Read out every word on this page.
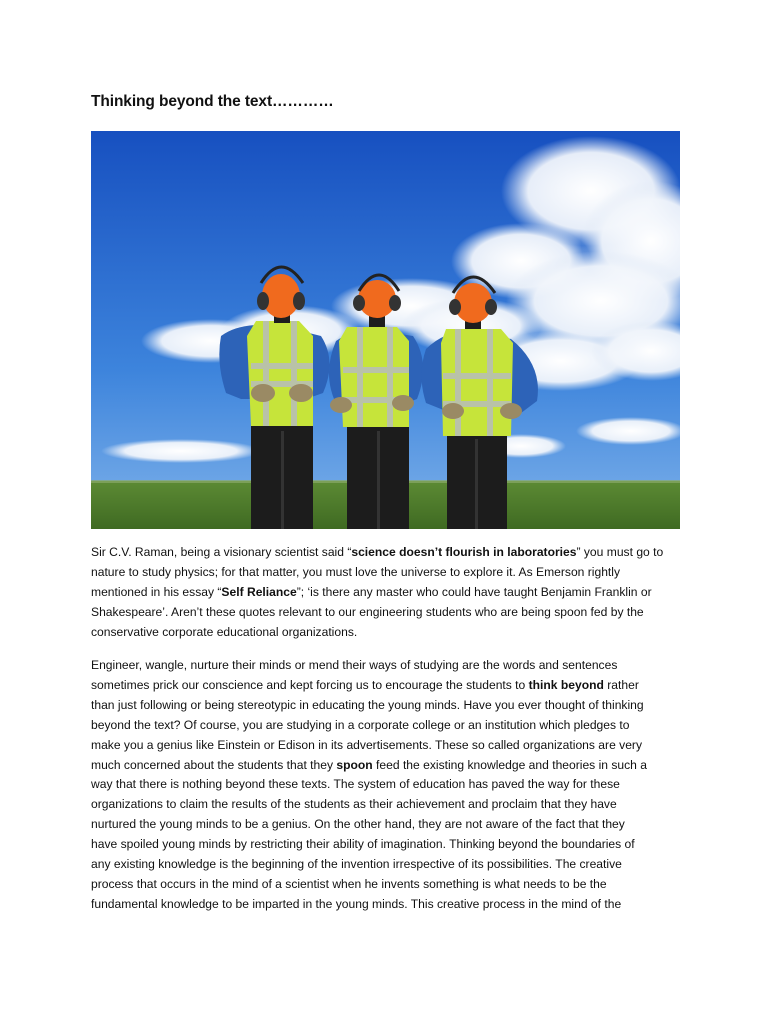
Thinking beyond the text…………
Sir C.V. Raman, being a visionary scientist said “science doesn’t flourish in laboratories” you must go to
nature to study physics; for that matter, you must love the universe to explore it. As Emerson rightly
mentioned in his essay “Self Reliance”; ‘is there any master who could have taught Benjamin Franklin or
Shakespeare’. Aren’t these quotes relevant to our engineering students who are being spoon fed by the
conservative corporate educational organizations.
Engineer, wangle, nurture their minds or mend their ways of studying are the words and sentences
sometimes prick our conscience and kept forcing us to encourage the students to think beyond rather
than just following or being stereotypic in educating the young minds. Have you ever thought of thinking
beyond the text? Of course, you are studying in a corporate college or an institution which pledges to
make you a genius like Einstein or Edison in its advertisements. These so called organizations are very
much concerned about the students that they spoon feed the existing knowledge and theories in such a
way that there is nothing beyond these texts. The system of education has paved the way for these
organizations to claim the results of the students as their achievement and proclaim that they have
nurtured the young minds to be a genius. On the other hand, they are not aware of the fact that they
have spoiled young minds by restricting their ability of imagination. Thinking beyond the boundaries of
any existing knowledge is the beginning of the invention irrespective of its possibilities. The creative
process that occurs in the mind of a scientist when he invents something is what needs to be the
fundamental knowledge to be imparted in the young minds. This creative process in the mind of the
